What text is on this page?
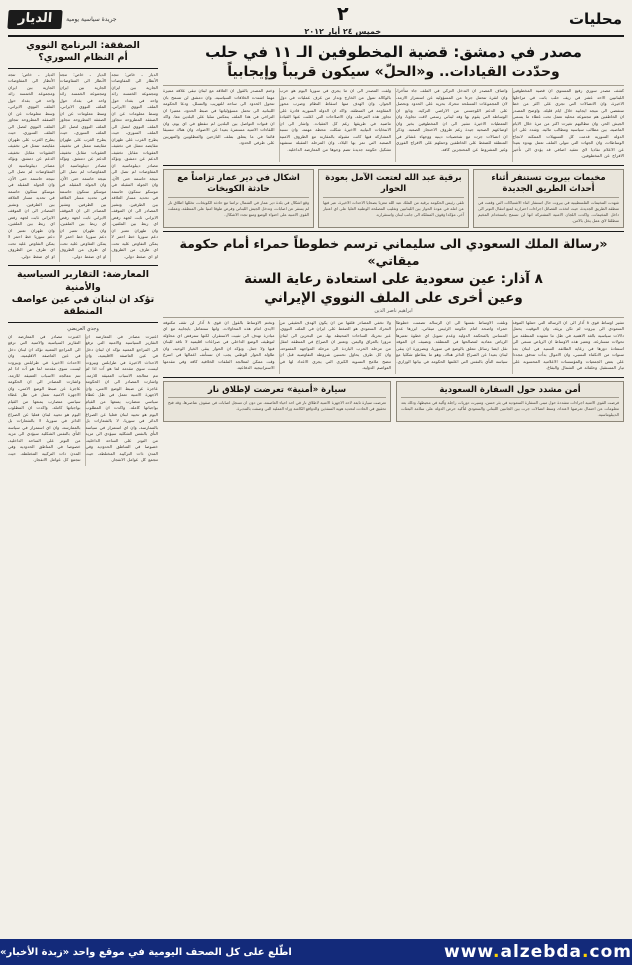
محليات
٢
خميس ٢٤ أيار ٢٠١٢
جريدة سياسية يومية
الديار
مصدر في دمشق: قضية المخطوفين الـ ١١ في حلب
وحدّدت القيادات.. و«الحلّ» سيكون قريباً وإيجابياً

كشف مصدر سوري رفيع المستوى ان قضية المخطوفين اللبنانيين الاحد عشر في ريف حلب باتت في مراحلها الاخيرة، وان الاتصالات التي تجري على اكثر من خط ستفضي الى نتيجة ايجابية خلال ايام قليلة. واوضح المصدر ان الخاطفين هم مجموعة محلية تعمل تحت غطاء ما يسمى الجيش الحر، وان مطالبهم تغيرت اكثر من مرة خلال الايام الماضية، بين مطالب سياسية ومطالب مالية. وشدد على ان الدولة السورية قدمت كل التسهيلات الممكنة لانجاح الوساطات، وان الجهات التي تتولى الملف تعمل بهدوء بعيدا عن الاعلام تفاديا لاي تعقيد اضافي قد يؤدي الى تأخير الافراج عن المخطوفين.

واضاف المصدر ان التدخل التركي في الملف جاء متأخرا، وان انقرة تتحمل جزءا من المسؤولية عن استمرار الازمة، لان المجموعات المسلحة تتحرك بحرية على الحدود وتحصل على الدعم اللوجستي من الاراضي التركية. وتابع ان الوساطة التي يقوم بها وفد لبناني رسمي لاقت تجاوبا، وان المعطيات الاخيرة تشير الى ان المخطوفين بخير وان اوضاعهم الصحية جيدة رغم ظروف الاحتجاز الصعبة. وذكر ان اتصالات جرت مع شخصيات دينية ووجهاء عشائر في المنطقة للضغط على الخاطفين وحملهم على الافراج الفوري وغير المشروط عن المحتجزين كافة.

ولفت المصدر الى ان ما يجري في سوريا اليوم هو حرب بالوكالة تمول من الخارج وتدار من غرف عمليات في دول الجوار، وان الهدف منها اسقاط النظام وضرب محور المقاومة في المنطقة. واكد ان الدولة السورية قادرة على تجاوز هذه المرحلة، وان الاصلاحات التي اعلنت عنها القيادة ماضية في طريقها رغم كل العقبات. واشار الى ان الانتخابات النيابية الاخيرة شكلت محطة مهمة، وان نسبة المشاركة فيها كانت مقبولة بالمقارنة مع الظروف الامنية الصعبة التي تمر بها البلاد، وان المرحلة المقبلة ستشهد تشكيل حكومة جديدة تضم وجوها من المعارضة الداخلية.

وختم المصدر بالقول ان العلاقة مع لبنان تبقى علاقة مميزة مهما اشتدت الخلافات السياسية، وان دمشق لن تسمح بان تتحول الحدود الى ساحة للتهريب والتسلل. ودعا الحكومة اللبنانية الى تحمل مسؤولياتها في ضبط الحدود، معتبرا ان التراخي في هذا الملف ينعكس سلبا على البلدين معا. واكد ان قنوات التواصل بين البلدين لم تنقطع في اي يوم، وان اللقاءات الامنية مستمرة بعيدا عن الاضواء، وان هناك تنسيقا قائما في ما يتعلق بملف النازحين والمطلوبين والمهربين على طرفي الحدود.

مخيمات بيروت تستنفر أثناء أحداث الطريق الجديدة
شهدت المخيمات الفلسطينية في بيروت حال استنفار اثناء الاشتباكات التي وقعت في منطقة الطريق الجديدة، حيث اتخذت الفصائل اجراءات احترازية لمنع انتقال التوتر الى داخل المخيمات، واكدت اللجان الامنية المشتركة انها لن تسمح باستخدام المخيم منطلقا لاي عمل يخل بالامن.
برقية عبد الله لعتعت الآمل بعودة الحوار
تلقى رئيس الحكومة برقية من الملك عبد الله معزيا بضحايا الاحداث الاخيرة، عبر فيها عن امله في عودة الحوار بين اللبنانيين وتغليب المصلحة الوطنية العليا على اي اعتبار آخر، مؤكدا وقوف المملكة الى جانب لبنان واستقراره.
اشكال في دير عمار تزامناً مع حادثة الكويخات
وقع اشكال في بلدة دير عمار في الشمال تزامنا مع حادثة الكويخات، تخللها اطلاق نار لم يسفر عن اصابات، وتدخل الجيش اللبناني وفرض طوقا امنيا على المنطقة، وعملت القوى الامنية على احتواء الوضع ومنع تجدد الاشكال.
«رسالة الملك السعودي الى سليماني ترسم خطوطاً حمراء أمام حكومة ميقاتي»
٨ آذار: عين سعودية على استعادة رعاية السنة
وعين أخرى على الملف النووي الإيراني
ابراهيم ناصر الدين

تشير اوساط قوى ٨ آذار الى ان الرسالة التي حملها الموفد السعودي الى بيروت لم تكن بريئة، وان التوقيت يحمل دلالات سياسية بالغة الاهمية في ظل ما تشهده المنطقة من تحولات متسارعة. وتعتبر هذه الاوساط ان الرياض تسعى الى استعادة دورها في رعاية الطائفة السنية في لبنان بعد سنوات من الانكفاء النسبي، وان الاموال بدأت تتدفق مجددا على بعض الجمعيات والمؤسسات الاعلامية المحسوبة على تيار المستقبل وحلفائه في الشمال والبقاع.

وتلفت الاوساط نفسها الى ان الرسالة تضمنت خطوطا حمراء واضحة امام حكومة الرئيس ميقاتي، ابرزها عدم المساس بالمحكمة الدولية وعدم تمويل اي خطوة تعتبرها الرياض معادية لمصالحها في المنطقة. وتضيف ان الموفد نقل ايضا رسائل تتعلق بالوضع في سوريا، وبضرورة ان يبقى لبنان بعيدا عن الصراع الدائر هناك، وهو ما يتقاطع شكليا مع سياسة النأي بالنفس التي اعلنتها الحكومة في بيانها الوزاري.

ولا تخفي المصادر قلقها من ان يكون الهدف الحقيقي من التحرك السعودي هو الضغط على ايران في الملف النووي، عبر تحريك الساحات المحيطة بها، من البحرين الى لبنان مرورا بالعراق واليمن. وتعتبر ان الصراع في المنطقة انتقل من مرحلة الحرب الباردة الى مرحلة المواجهة المفتوحة، وان كل طرف يحاول تحسين شروطه التفاوضية قبل ان تتضح ملامح التسوية الكبرى التي يجري الاعداد لها في العواصم الدولية.

وتختم الاوساط بالقول ان قوى ٨ آذار لن تقف مكتوفة الايدي امام هذه المحاولات، وانها ستتعامل بايجابية مع اي مبادرة تهدف الى تثبيت الاستقرار، لكنها سترفض اي محاولة لتوظيف الوضع الداخلي في صراعات اقليمية لا ناقة للبنان فيها ولا جمل. وتؤكد ان الحوار يبقى الخيار الوحيد، وان طاولة الحوار الوطني يجب ان تستأنف اعمالها في اسرع وقت ممكن لمعالجة الملفات الخلافية كافة وفي مقدمها الاستراتيجية الدفاعية.

أمن مشدد حول السفارة السعودية
فرضت القوى الامنية اجراءات مشددة حول مبنى السفارة السعودية في بئر حسن، وسيرت دوريات راجلة وآلية في محيطها، وذلك بعد معلومات عن احتمال تعرضها لاعتداء، وسط اتصالات جرت بين الجانبين اللبناني والسعودي لتأكيد حرص الدولة على سلامة البعثات الديبلوماسية.
سيارة «أمنية» تعرضت لإطلاق نار
تعرضت سيارة تابعة لاحد الاجهزة الامنية لاطلاق نار في احد احياء العاصمة، من دون ان تسجل اصابات في صفوف عناصرها، وقد فتح تحقيق في الحادث لتحديد هوية المنفذين والدوافع الكامنة وراء العملية التي وصفت بالمدبرة.
الصفقة: البرنامج النووي
أم النظام السوري؟

الديار ـ خاص: تتجه الأنظار الى المفاوضات الجارية بين ايران ومجموعة الخمسة زائد واحد في بغداد حول الملف النووي الايراني، وسط معلومات عن ان الصفقة المطروحة تتجاوز الملف النووي لتصل الى الملف السوري، حيث يطرح الغرب على طهران مقايضة تتمثل في تخفيف العقوبات مقابل تخفيف الدعم عن دمشق. وتؤكد مصادر ديبلوماسية ان المفاوضات لم تصل الى نتيجة حاسمة حتى الآن، وان الجولة المقبلة في موسكو ستكون حاسمة في تحديد مسار العلاقة بين الطرفين. وتشير المصادر الى ان الموقف الايراني ثابت لجهة رفض اي ربط بين الملفين، وان طهران تعتبر ان دعم سوريا خط احمر لا يمكن التفاوض عليه تحت اي ظرف من الظروف او اي ضغط دولي.

الديار ـ خاص: تتجه الأنظار الى المفاوضات الجارية بين ايران ومجموعة الخمسة زائد واحد في بغداد حول الملف النووي الايراني، وسط معلومات عن ان الصفقة المطروحة تتجاوز الملف النووي لتصل الى الملف السوري، حيث يطرح الغرب على طهران مقايضة تتمثل في تخفيف العقوبات مقابل تخفيف الدعم عن دمشق. وتؤكد مصادر ديبلوماسية ان المفاوضات لم تصل الى نتيجة حاسمة حتى الآن، وان الجولة المقبلة في موسكو ستكون حاسمة في تحديد مسار العلاقة بين الطرفين. وتشير المصادر الى ان الموقف الايراني ثابت لجهة رفض اي ربط بين الملفين، وان طهران تعتبر ان دعم سوريا خط احمر لا يمكن التفاوض عليه تحت اي ظرف من الظروف او اي ضغط دولي.

الديار ـ خاص: تتجه الأنظار الى المفاوضات الجارية بين ايران ومجموعة الخمسة زائد واحد في بغداد حول الملف النووي الايراني، وسط معلومات عن ان الصفقة المطروحة تتجاوز الملف النووي لتصل الى الملف السوري، حيث يطرح الغرب على طهران مقايضة تتمثل في تخفيف العقوبات مقابل تخفيف الدعم عن دمشق. وتؤكد مصادر ديبلوماسية ان المفاوضات لم تصل الى نتيجة حاسمة حتى الآن، وان الجولة المقبلة في موسكو ستكون حاسمة في تحديد مسار العلاقة بين الطرفين. وتشير المصادر الى ان الموقف الايراني ثابت لجهة رفض اي ربط بين الملفين، وان طهران تعتبر ان دعم سوريا خط احمر لا يمكن التفاوض عليه تحت اي ظرف من الظروف او اي ضغط دولي.

المعارضة: التقارير السياسية والأمنية
تؤكد ان لبنان في عين عواصف المنطقة
وجدي العريضي

اعتبرت مصادر في المعارضة ان التقارير السياسية والامنية التي ترفع الى المراجع المعنية تؤكد ان لبنان دخل في عين العاصفة الاقليمية، وان الاحداث الاخيرة في طرابلس وبيروت ليست سوى مقدمة لما هو آت اذا لم تتم معالجة الاسباب العميقة للازمة. واشارت المصادر الى ان الحكومة عاجزة عن ضبط الوضع الامني، وان الاجهزة الامنية تعمل في ظل غطاء سياسي متضارب يمنعها من القيام بواجباتها كاملة. واكدت ان المطلوب اليوم هو تحييد لبنان فعليا عن الصراع الدائر في سوريا، لا بالشعارات بل بالممارسة، وان اي استمرار في سياسة النأي بالنفس الشكلية سيؤدي الى مزيد من التوتر على الساحة الداخلية، خصوصا في المناطق الحدودية وفي المدن ذات التركيبة المختلطة، حيث تتجمع كل عوامل الانفجار.

اعتبرت مصادر في المعارضة ان التقارير السياسية والامنية التي ترفع الى المراجع المعنية تؤكد ان لبنان دخل في عين العاصفة الاقليمية، وان الاحداث الاخيرة في طرابلس وبيروت ليست سوى مقدمة لما هو آت اذا لم تتم معالجة الاسباب العميقة للازمة. واشارت المصادر الى ان الحكومة عاجزة عن ضبط الوضع الامني، وان الاجهزة الامنية تعمل في ظل غطاء سياسي متضارب يمنعها من القيام بواجباتها كاملة. واكدت ان المطلوب اليوم هو تحييد لبنان فعليا عن الصراع الدائر في سوريا، لا بالشعارات بل بالممارسة، وان اي استمرار في سياسة النأي بالنفس الشكلية سيؤدي الى مزيد من التوتر على الساحة الداخلية، خصوصا في المناطق الحدودية وفي المدن ذات التركيبة المختلطة، حيث تتجمع كل عوامل الانفجار.

www.alzebda.com
اطّلع على كل الصحف اليومية في موقع واحد «زبدة الأخبار»
